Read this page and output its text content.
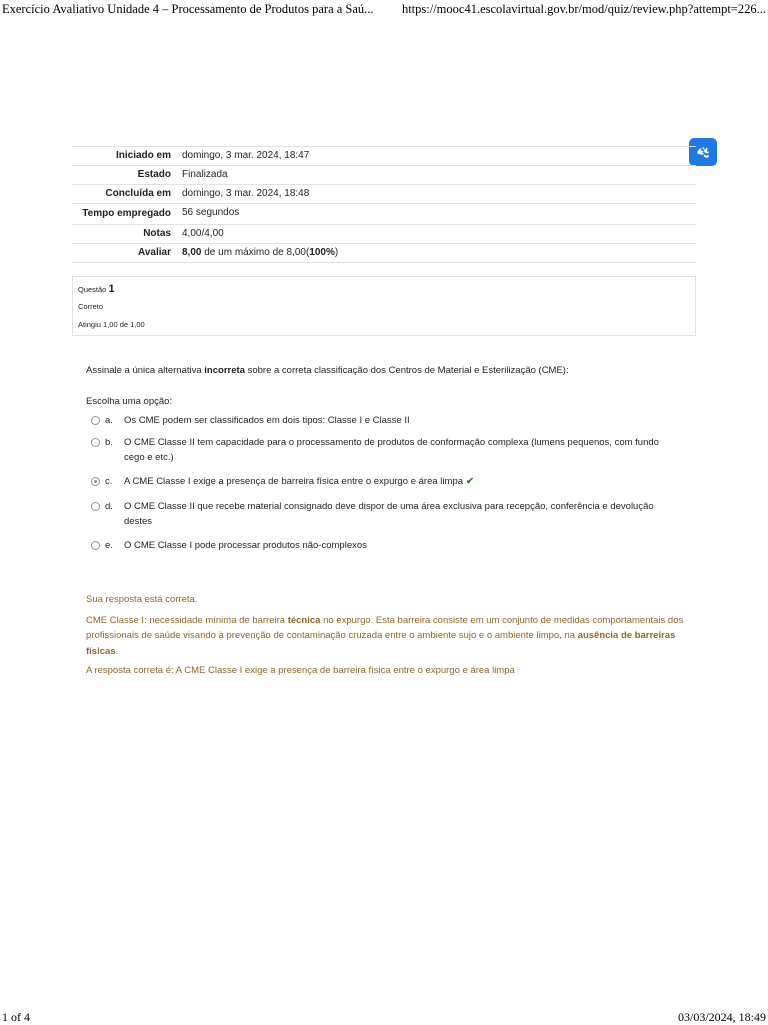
Exercício Avaliativo Unidade 4 – Processamento de Produtos para a Saú... https://mooc41.escolavirtual.gov.br/mod/quiz/review.php?attempt=226...
Iniciado em	domingo, 3 mar. 2024, 18:47
Estado	Finalizada
Concluída em	domingo, 3 mar. 2024, 18:48
Tempo empregado	56 segundos
Notas	4,00/4,00
Avaliar	8,00 de um máximo de 8,00(100%)
Questão 1
Correto
Atingiu 1,00 de 1,00
Assinale a única alternativa incorreta sobre a correta classificação dos Centros de Material e Esterilização (CME):
Escolha uma opção:
a. Os CME podem ser classificados em dois tipos: Classe I e Classe II
b. O CME Classe II tem capacidade para o processamento de produtos de conformação complexa (lumens pequenos, com fundo cego e etc.)
c. A CME Classe I exige a presença de barreira física entre o expurgo e área limpa ✔
d. O CME Classe II que recebe material consignado deve dispor de uma área exclusiva para recepção, conferência e devolução destes
e. O CME Classe I pode processar produtos não-complexos

Sua resposta está correta.

CME Classe I: necessidade mínima de barreira técnica no expurgo. Esta barreira consiste em um conjunto de medidas comportamentais dos profissionais de saúde visando à prevenção de contaminação cruzada entre o ambiente sujo e o ambiente limpo, na ausência de barreiras físicas.

A resposta correta é: A CME Classe I exige a presença de barreira física entre o expurgo e área limpa

1 of 4	03/03/2024, 18:49
